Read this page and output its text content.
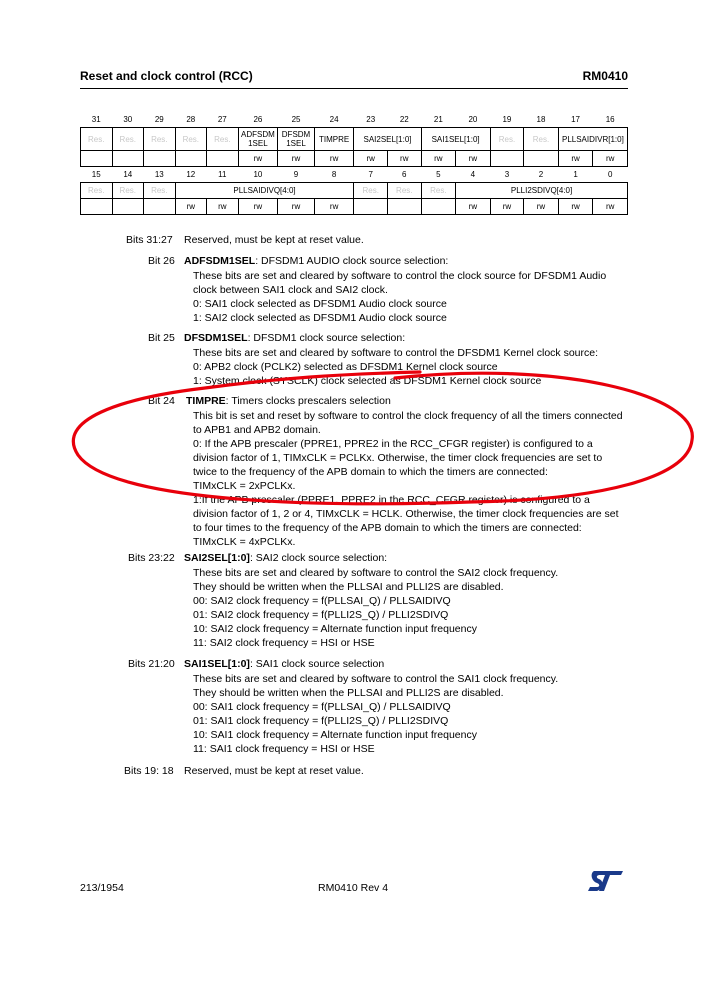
Reset and clock control (RCC)	RM0410
31	30	29	28	27	26	25	24	23	22	21	20	19	18	17	16
Res.	Res.	Res.	Res.	Res.	ADFSDM 1SEL	DFSDM 1SEL	TIMPRE	SAI2SEL[1:0]		SAI1SEL[1:0]		Res.	Res.	PLLSAIDIVR[1:0]	
					rw	rw	rw	rw	rw	rw	rw			rw	rw
15	14	13	12	11	10	9	8	7	6	5	4	3	2	1	0
Res.	Res.	Res.	PLLSAIDIVQ[4:0]					Res.	Res.	Res.	PLLI2SDIVQ[4:0]				
			rw	rw	rw	rw	rw				rw	rw	rw	rw	rw
Bits 31:27 Reserved, must be kept at reset value.
Bit 26 ADFSDM1SEL: DFSDM1 AUDIO clock source selection:
These bits are set and cleared by software to control the clock source for DFSDM1 Audio
clock between SAI1 clock and SAI2 clock.
0: SAI1 clock selected as DFSDM1 Audio clock source
1: SAI2 clock selected as DFSDM1 Audio clock source
Bit 25 DFSDM1SEL: DFSDM1 clock source selection:
These bits are set and cleared by software to control the DFSDM1 Kernel clock source:
0: APB2 clock (PCLK2) selected as DFSDM1 Kernel clock source
1: System clock (SYSCLK) clock selected as DFSDM1 Kernel clock source
Bit 24 TIMPRE: Timers clocks prescalers selection
This bit is set and reset by software to control the clock frequency of all the timers connected
to APB1 and APB2 domain.
0: If the APB prescaler (PPRE1, PPRE2 in the RCC_CFGR register) is configured to a
division factor of 1, TIMxCLK = PCLKx. Otherwise, the timer clock frequencies are set to
twice to the frequency of the APB domain to which the timers are connected:
TIMxCLK = 2xPCLKx.
1:If the APB prescaler (PPRE1, PPRE2 in the RCC_CFGR register) is configured to a
division factor of 1, 2 or 4, TIMxCLK = HCLK. Otherwise, the timer clock frequencies are set
to four times to the frequency of the APB domain to which the timers are connected:
TIMxCLK = 4xPCLKx.
Bits 23:22 SAI2SEL[1:0]: SAI2 clock source selection:
These bits are set and cleared by software to control the SAI2 clock frequency.
They should be written when the PLLSAI and PLLI2S are disabled.
00: SAI2 clock frequency = f(PLLSAI_Q) / PLLSAIDIVQ
01: SAI2 clock frequency = f(PLLI2S_Q) / PLLI2SDIVQ
10: SAI2 clock frequency = Alternate function input frequency
11: SAI2 clock frequency = HSI or HSE
Bits 21:20 SAI1SEL[1:0]: SAI1 clock source selection
These bits are set and cleared by software to control the SAI1 clock frequency.
They should be written when the PLLSAI and PLLI2S are disabled.
00: SAI1 clock frequency = f(PLLSAI_Q) / PLLSAIDIVQ
01: SAI1 clock frequency = f(PLLI2S_Q) / PLLI2SDIVQ
10: SAI1 clock frequency = Alternate function input frequency
11: SAI1 clock frequency = HSI or HSE
Bits 19: 18 Reserved, must be kept at reset value.
213/1954	RM0410 Rev 4
